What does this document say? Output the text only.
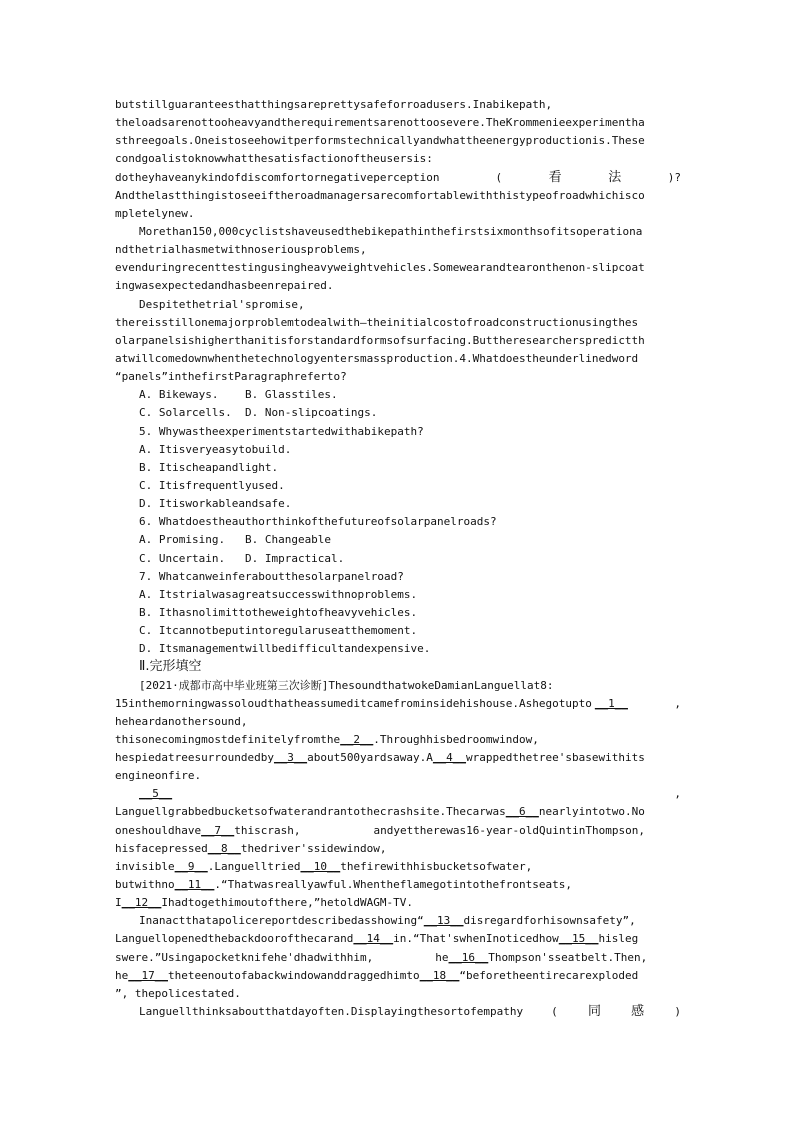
butstillguaranteesthatthingsareprettysafeforroadusers.Inabikepath,
theloadsarenottooheavyandtherequirementsarenottoosevere.TheKrommenieexperimentha
sthreegoals.Oneistoseehowitperformstechnicallyandwhattheenergyproductionis.These
condgoalistoknowwhatthesatisfactionoftheusersis:
dotheyhaveanykindofdiscomfortornegativeperception	(	看	法	)?
Andthelastthingistoseeiftheroadmanagersarecomfortablewiththistypeofroadwhichisco
mpletelynew.
Morethan150,000cyclistshaveusedthebikepathinthefirstsixmonthsofitsoperationa
ndthetrialhasmetwithnoseriousproblems,
evenduringrecenttestingusingheavyweightvehicles.Somewearandtearonthenon-slipcoat
ingwasexpectedandhasbeenrepaired.
Despitethetrial'spromise,
thereisstillonemajorproblemtodealwith—theinitialcostofroadconstructionusingthes
olarpanelsishigherthanitisforstandardformsofsurfacing.Buttheresearcherspredictth
atwillcomedownwhenthetechnologyentersmassproduction.4.Whatdoestheunderlinedword
“panels”inthefirstParagraphreferto?
A. Bikeways.    B. Glasstiles.
C. Solarcells.  D. Non-slipcoatings.
5. Whywastheexperimentstartedwithabikepath?
A. Itisveryeasytobuild.
B. Itischeapandlight.
C. Itisfrequentlyused.
D. Itisworkableandsafe.
6. Whatdoestheauthorthinkofthefutureofsolarpanelroads?
A. Promising.   B. Changeable
C. Uncertain.   D. Impractical.
7. Whatcanweinferaboutthesolarpanelroad?
A. Itstrialwasagreatsuccesswithnoproblems.
B. Ithasnolimittotheweightofheavyvehicles.
C. Itcannotbeputintoregularuseatthemoment.
D. Itsmanagementwillbedifficultandexpensive.
Ⅱ.完形填空
[2021·成都市高中毕业班第三次诊断]ThesoundthatwokeDamianLanguellat8:
15inthemorningwassoloudthatheassumeditcamefrominsidehishouse.Ashegotupto __1__	,
heheardanothersound,
thisonecomingmostdefinitelyfromthe__2__.Throughhisbedroomwindow,
hespiedatreesurroundedby__3__about500yardsaway.A__4__wrappedthetree'sbasewithits
engineonfire.
__5__	,
Languellgrabbedbucketsofwaterandrantothecrashsite.Thecarwas__6__nearlyintotwo.No
oneshouldhave__7__thiscrash,	andyettherewas16-year-oldQuintinThompson,
hisfacepressed__8__thedriver'ssidewindow,
invisible__9__.Languelltried__10__thefirewithhisbucketsofwater,
butwithno__11__.“Thatwasreallyawful.Whentheflamegotintothefrontseats,
I__12__Ihadtogethimoutofthere,”hetoldWAGM-TV.
Inanactthatapolicereportdescribedasshowing“__13__disregardforhisownsafety”,
Languellopenedthebackdoorofthecarand__14__in.“That'swhenInoticedhow__15__hisleg
swere.”Usingapocketknifehe'dhadwithhim,	he__16__Thompson'sseatbelt.Then,
he__17__theteenoutofabackwindowanddraggedhimto__18__“beforetheentirecarexploded
”, thepolicestated.
Languellthinksaboutthatdayoften.Displayingthesortofempathy	( 同 感	)
